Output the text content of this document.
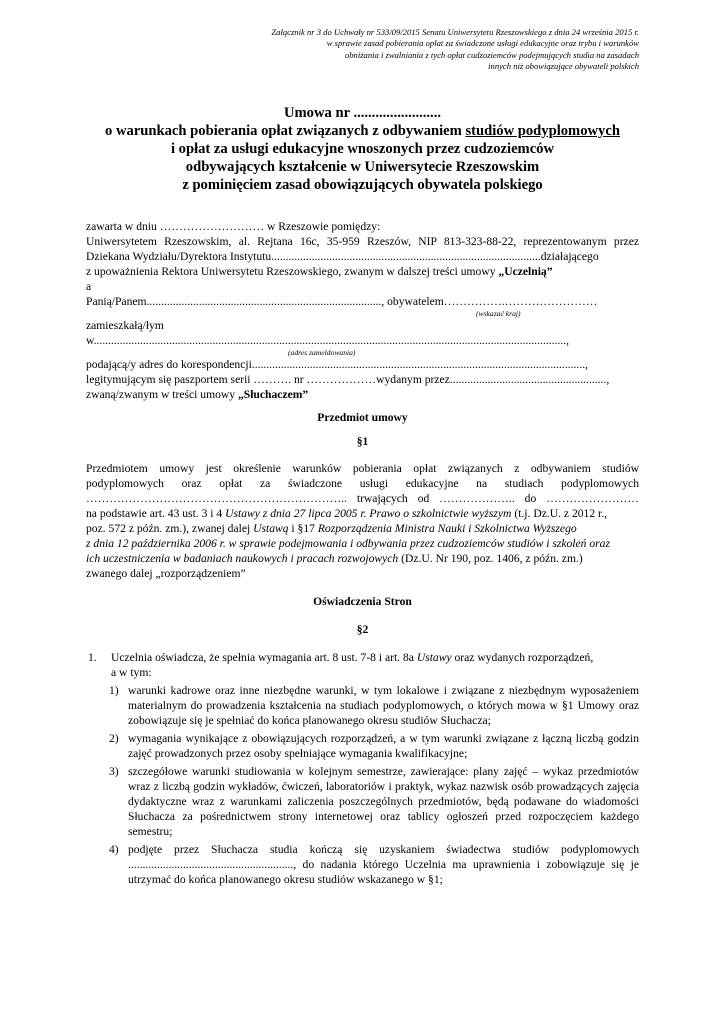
Załącznik nr 3 do Uchwały nr 533/09/2015 Senatu Uniwersytetu Rzeszowskiego z dnia 24 września 2015 r.
w sprawie zasad pobierania opłat za świadczone usługi edukacyjne oraz trybu i warunków
obniżania i zwalniania z tych opłat cudzoziemców podejmujących studia na zasadach
innych niż obowiązujące obywateli polskich
Umowa nr ........................
o warunkach pobierania opłat związanych z odbywaniem studiów podyplomowych
i opłat za usługi edukacyjne wnoszonych przez cudzoziemców
odbywających kształcenie w Uniwersytecie Rzeszowskim
z pominięciem zasad obowiązujących obywatela polskiego
zawarta w dniu ……………………… w Rzeszowie pomiędzy:
Uniwersytetem Rzeszowskim, al. Rejtana 16c, 35-959 Rzeszów, NIP 813-323-88-22, reprezentowanym przez
Dziekana Wydziału/Dyrektora Instytutu.............................................................................................działającego
z upoważnienia Rektora Uniwersytetu Rzeszowskiego, zwanym w dalszej treści umowy „Uczelnią”
a
Panią/Panem................................................................................., obywatelem…………….……………………
(wskazać kraj)
zamieszkałą/łym
w...................................................................................................................................................................,
(adres zameldowania)
podającą/y adres do korespondencji...................................................................................................................,
legitymującym się paszportem serii ………. nr ………………wydanym przez......................................................,
zwaną/zwanym w treści umowy „Słuchaczem”
Przedmiot umowy
§1
Przedmiotem umowy jest określenie warunków pobierania opłat związanych z odbywaniem studiów
podyplomowych oraz opłat za świadczone usługi edukacyjne na studiach podyplomowych
………………………………………………………….. trwających od ……………….. do ……………………
na podstawie art. 43 ust. 3 i 4 Ustawy z dnia 27 lipca 2005 r. Prawo o szkolnictwie wyższym (t.j. Dz.U. z 2012 r.,
poz. 572 z późn. zm.), zwanej dalej Ustawą i §17 Rozporządzenia Ministra Nauki i Szkolnictwa Wyższego
z dnia 12 października 2006 r. w sprawie podejmowania i odbywania przez cudzoziemców studiów i szkoleń oraz
ich uczestniczenia w badaniach naukowych i pracach rozwojowych (Dz.U. Nr 190, poz. 1406, z późn. zm.)
zwanego dalej „rozporządzeniem”
Oświadczenia Stron
§2
1. Uczelnia oświadcza, że spełnia wymagania art. 8 ust. 7-8 i art. 8a Ustawy oraz wydanych rozporządzeń,
a w tym:
1) warunki kadrowe oraz inne niezbędne warunki, w tym lokalowe i związane z niezbędnym wyposażeniem materialnym do prowadzenia kształcenia na studiach podyplomowych, o których mowa w §1 Umowy oraz zobowiązuje się je spełniać do końca planowanego okresu studiów Słuchacza;
2) wymagania wynikające z obowiązujących rozporządzeń, a w tym warunki związane z łączną liczbą godzin zajęć prowadzonych przez osoby spełniające wymagania kwalifikacyjne;
3) szczegółowe warunki studiowania w kolejnym semestrze, zawierające: plany zajęć – wykaz przedmiotów wraz z liczbą godzin wykładów, ćwiczeń, laboratoriów i praktyk, wykaz nazwisk osób prowadzących zajęcia dydaktyczne wraz z warunkami zaliczenia poszczególnych przedmiotów, będą podawane do wiadomości Słuchacza za pośrednictwem strony internetowej oraz tablicy ogłoszeń przed rozpoczęciem każdego semestru;
4) podjęte przez Słuchacza studia kończą się uzyskaniem świadectwa studiów podyplomowych ........................................................., do nadania którego Uczelnia ma uprawnienia i zobowiązuje się je utrzymać do końca planowanego okresu studiów wskazanego w §1;
